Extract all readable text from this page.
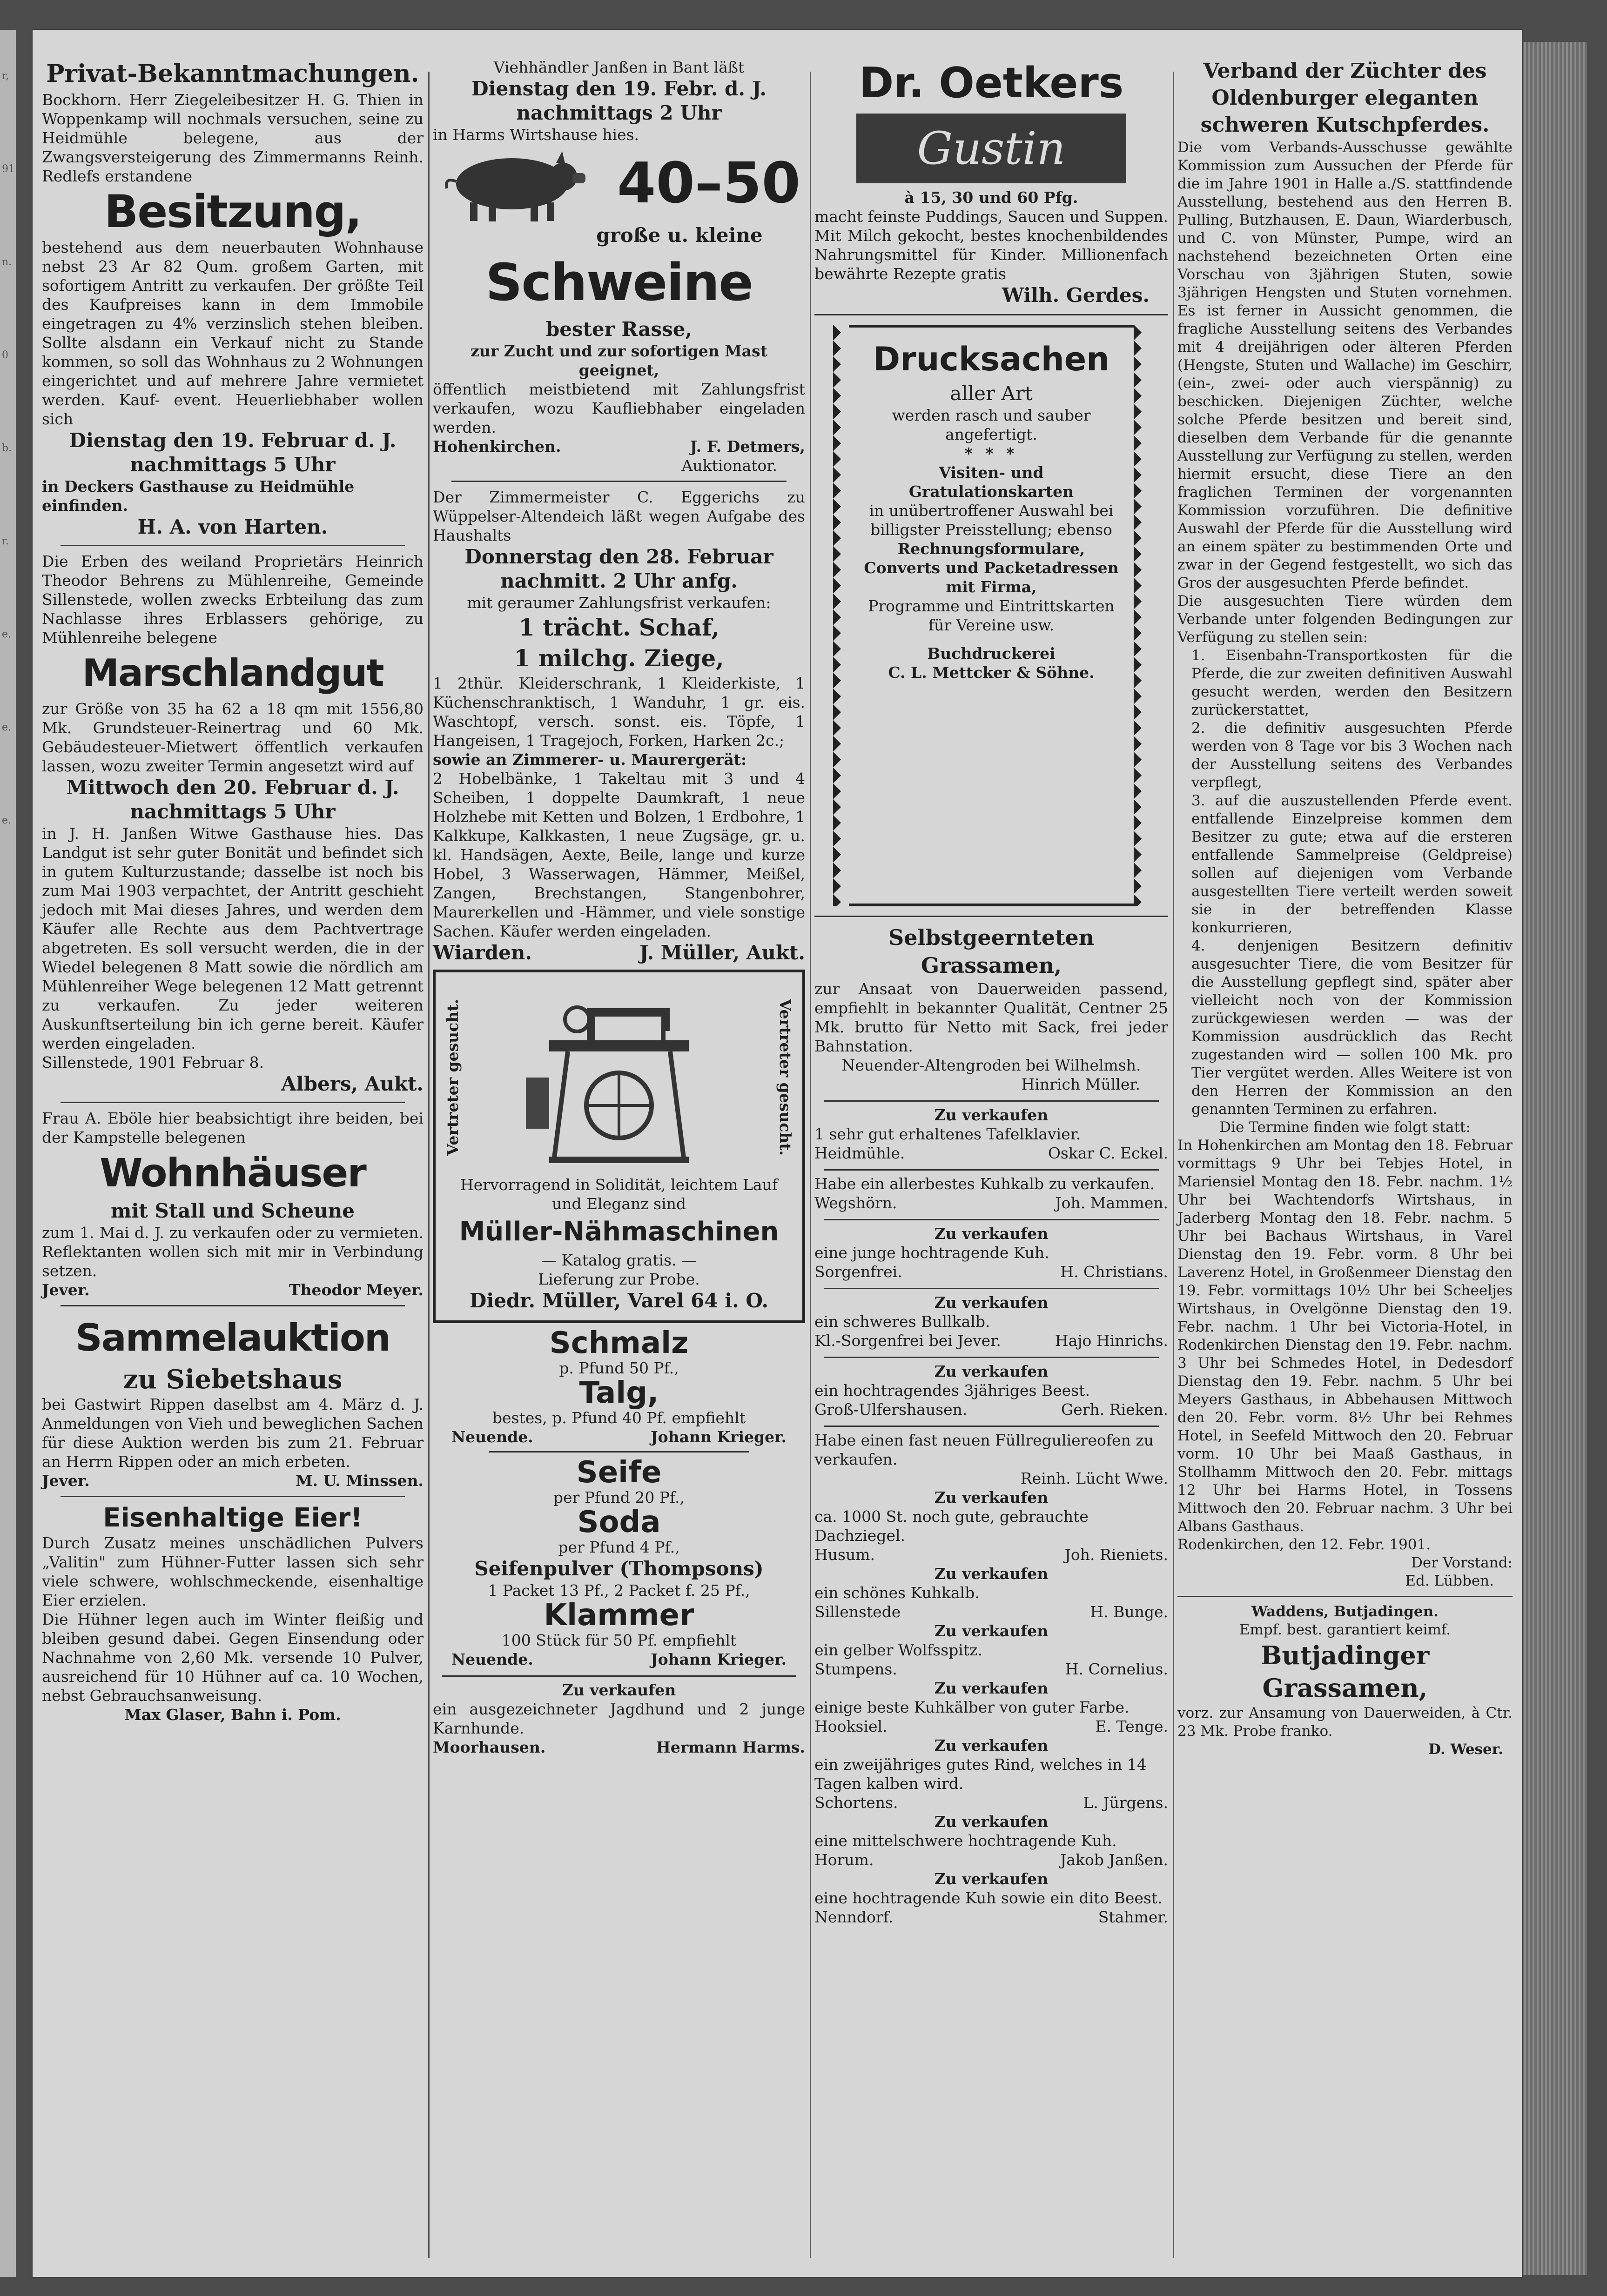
r,
91
n.
0
b.
r.
e.
e.
e.
Privat-Bekanntmachungen.

Bockhorn. Herr Ziegeleibesitzer H. G. Thien in Woppenkamp will nochmals versuchen, seine zu Heidmühle belegene, aus der Zwangsversteigerung des Zimmermanns Reinh. Redlefs erstandene

Besitzung,

bestehend aus dem neuerbauten Wohnhause nebst 23 Ar 82 Qum. großem Garten, mit sofortigem Antritt zu verkaufen. Der größte Teil des Kaufpreises kann in dem Immobile eingetragen zu 4% verzinslich stehen bleiben. Sollte alsdann ein Verkauf nicht zu Stande kommen, so soll das Wohnhaus zu 2 Wohnungen eingerichtet und auf mehrere Jahre vermietet werden. Kauf- event. Heuerliebhaber wollen sich

Dienstag den 19. Februar d. J.
nachmittags 5 Uhr

in Deckers Gasthause zu Heidmühle einfinden.

H. A. von Harten.

Die Erben des weiland Proprietärs Heinrich Theodor Behrens zu Mühlenreihe, Gemeinde Sillenstede, wollen zwecks Erbteilung das zum Nachlasse ihres Erblassers gehörige, zu Mühlenreihe belegene

Marschlandgut

zur Größe von 35 ha 62 a 18 qm mit 1556,80 Mk. Grundsteuer-Reinertrag und 60 Mk. Gebäudesteuer-Mietwert öffentlich verkaufen lassen, wozu zweiter Termin angesetzt wird auf

Mittwoch den 20. Februar d. J.
nachmittags 5 Uhr

in J. H. Janßen Witwe Gasthause hies. Das Landgut ist sehr guter Bonität und befindet sich in gutem Kulturzustande; dasselbe ist noch bis zum Mai 1903 verpachtet, der Antritt geschieht jedoch mit Mai dieses Jahres, und werden dem Käufer alle Rechte aus dem Pachtvertrage abgetreten. Es soll versucht werden, die in der Wiedel belegenen 8 Matt sowie die nördlich am Mühlenreiher Wege belegenen 12 Matt getrennt zu verkaufen. Zu jeder weiteren Auskunftserteilung bin ich gerne bereit. Käufer werden eingeladen.

Sillenstede, 1901 Februar 8.

Albers, Aukt.

Frau A. Eböle hier beabsichtigt ihre beiden, bei der Kampstelle belegenen

Wohnhäuser
mit Stall und Scheune

zum 1. Mai d. J. zu verkaufen oder zu vermieten. Reflektanten wollen sich mit mir in Verbindung setzen.

Jever.	Theodor Meyer.
Sammelauktion
zu Siebetshaus

bei Gastwirt Rippen daselbst am 4. März d. J. Anmeldungen von Vieh und beweglichen Sachen für diese Auktion werden bis zum 21. Februar an Herrn Rippen oder an mich erbeten.

Jever.	M. U. Minssen.
Eisenhaltige Eier!

Durch Zusatz meines unschädlichen Pulvers „Valitin" zum Hühner-Futter lassen sich sehr viele schwere, wohlschmeckende, eisenhaltige Eier erzielen.

Die Hühner legen auch im Winter fleißig und bleiben gesund dabei. Gegen Einsendung oder Nachnahme von 2,60 Mk. versende 10 Pulver, ausreichend für 10 Hühner auf ca. 10 Wochen, nebst Gebrauchsanweisung.

Max Glaser, Bahn i. Pom.
Viehhändler Janßen in Bant läßt
Dienstag den 19. Febr. d. J.
nachmittags 2 Uhr
in Harms Wirtshause hies.
40–50
große u. kleine
Schweine
bester Rasse,
zur Zucht und zur sofortigen Mast geeignet,

öffentlich meistbietend mit Zahlungsfrist verkaufen, wozu Kaufliebhaber eingeladen werden.

Hohenkirchen.	J. F. Detmers,
Auktionator.

Der Zimmermeister C. Eggerichs zu Wüppelser-Altendeich läßt wegen Aufgabe des Haushalts

Donnerstag den 28. Februar
nachmitt. 2 Uhr anfg.
mit geraumer Zahlungsfrist verkaufen:
1 trächt. Schaf,
1 milchg. Ziege,

1 2thür. Kleiderschrank, 1 Kleiderkiste, 1 Küchenschranktisch, 1 Wanduhr, 1 gr. eis. Waschtopf, versch. sonst. eis. Töpfe, 1 Hangeisen, 1 Tragejoch, Forken, Harken 2c.;

sowie an Zimmerer- u. Maurergerät:

2 Hobelbänke, 1 Takeltau mit 3 und 4 Scheiben, 1 doppelte Daumkraft, 1 neue Holzhebe mit Ketten und Bolzen, 1 Erdbohre, 1 Kalkkupe, Kalkkasten, 1 neue Zugsäge, gr. u. kl. Handsägen, Aexte, Beile, lange und kurze Hobel, 3 Wasserwagen, Hämmer, Meißel, Zangen, Brechstangen, Stangenbohrer, Maurerkellen und -Hämmer, und viele sonstige Sachen. Käufer werden eingeladen.

Wiarden.	J. Müller, Aukt.
Vertreter gesucht.	Vertreter gesucht.

Hervorragend in Solidität, leichtem Lauf und Eleganz sind

Müller-Nähmaschinen
— Katalog gratis. —
Lieferung zur Probe.
Diedr. Müller, Varel 64 i. O.
Schmalz
p. Pfund 50 Pf.,
Talg,
bestes, p. Pfund 40 Pf. empfiehlt
Neuende.	Johann Krieger.
Seife
per Pfund 20 Pf.,
Soda
per Pfund 4 Pf.,
Seifenpulver (Thompsons)
1 Packet 13 Pf., 2 Packet f. 25 Pf.,
Klammer
100 Stück für 50 Pf. empfiehlt
Neuende.	Johann Krieger.
Zu verkaufen

ein ausgezeichneter Jagdhund und 2 junge Karnhunde.

Moorhausen.	Hermann Harms.
Dr. Oetkers
Gustin
à 15, 30 und 60 Pfg.

macht feinste Puddings, Saucen und Suppen. Mit Milch gekocht, bestes knochenbildendes Nahrungsmittel für Kinder. Millionenfach bewährte Rezepte gratis

Wilh. Gerdes.
Drucksachen
aller Art

werden rasch und sauber angefertigt.

* * *
Visiten- und Gratulationskarten

in unübertroffener Auswahl bei billigster Preisstellung; ebenso

Rechnungsformulare, Converts und Packetadressen mit Firma,

Programme und Eintrittskarten für Vereine usw.

Buchdruckerei
C. L. Mettcker & Söhne.
Selbstgeernteten Grassamen,

zur Ansaat von Dauerweiden passend, empfiehlt in bekannter Qualität, Centner 25 Mk. brutto für Netto mit Sack, frei jeder Bahnstation.

Neuender-Altengroden bei Wilhelmsh.

Hinrich Müller.
Zu verkaufen

1 sehr gut erhaltenes Tafelklavier.

Heidmühle.	Oskar C. Eckel.

Habe ein allerbestes Kuhkalb zu verkaufen.

Wegshörn.	Joh. Mammen.
Zu verkaufen

eine junge hochtragende Kuh.

Sorgenfrei.	H. Christians.
Zu verkaufen

ein schweres Bullkalb.

Kl.-Sorgenfrei bei Jever.	Hajo Hinrichs.
Zu verkaufen

ein hochtragendes 3jähriges Beest.

Groß-Ulfershausen.	Gerh. Rieken.

Habe einen fast neuen Füllreguliereofen zu verkaufen.

Reinh. Lücht Wwe.
Zu verkaufen

ca. 1000 St. noch gute, gebrauchte Dachziegel.

Husum.	Joh. Rieniets.
Zu verkaufen

ein schönes Kuhkalb.

Sillenstede	H. Bunge.
Zu verkaufen

ein gelber Wolfsspitz.

Stumpens.	H. Cornelius.
Zu verkaufen

einige beste Kuhkälber von guter Farbe.

Hooksiel.	E. Tenge.
Zu verkaufen

ein zweijähriges gutes Rind, welches in 14 Tagen kalben wird.

Schortens.	L. Jürgens.
Zu verkaufen

eine mittelschwere hochtragende Kuh.

Horum.	Jakob Janßen.
Zu verkaufen

eine hochtragende Kuh sowie ein dito Beest.

Nenndorf.	Stahmer.
Verband der Züchter des Oldenburger eleganten schweren Kutschpferdes.

Die vom Verbands-Ausschusse gewählte Kommission zum Aussuchen der Pferde für die im Jahre 1901 in Halle a./S. stattfindende Ausstellung, bestehend aus den Herren B. Pulling, Butzhausen, E. Daun, Wiarderbusch, und C. von Münster, Pumpe, wird an nachstehend bezeichneten Orten eine Vorschau von 3jährigen Stuten, sowie 3jährigen Hengsten und Stuten vornehmen. Es ist ferner in Aussicht genommen, die fragliche Ausstellung seitens des Verbandes mit 4 dreijährigen oder älteren Pferden (Hengste, Stuten und Wallache) im Geschirr, (ein-, zwei- oder auch vierspännig) zu beschicken. Diejenigen Züchter, welche solche Pferde besitzen und bereit sind, dieselben dem Verbande für die genannte Ausstellung zur Verfügung zu stellen, werden hiermit ersucht, diese Tiere an den fraglichen Terminen der vorgenannten Kommission vorzuführen. Die definitive Auswahl der Pferde für die Ausstellung wird an einem später zu bestimmenden Orte und zwar in der Gegend festgestellt, wo sich das Gros der ausgesuchten Pferde befindet.

Die ausgesuchten Tiere würden dem Verbande unter folgenden Bedingungen zur Verfügung zu stellen sein:

1. Eisenbahn-Transportkosten für die Pferde, die zur zweiten definitiven Auswahl gesucht werden, werden den Besitzern zurückerstattet,

2. die definitiv ausgesuchten Pferde werden von 8 Tage vor bis 3 Wochen nach der Ausstellung seitens des Verbandes verpflegt,

3. auf die auszustellenden Pferde event. entfallende Einzelpreise kommen dem Besitzer zu gute; etwa auf die ersteren entfallende Sammelpreise (Geldpreise) sollen auf diejenigen vom Verbande ausgestellten Tiere verteilt werden soweit sie in der betreffenden Klasse konkurrieren,

4. denjenigen Besitzern definitiv ausgesuchter Tiere, die vom Besitzer für die Ausstellung gepflegt sind, später aber vielleicht noch von der Kommission zurückgewiesen werden — was der Kommission ausdrücklich das Recht zugestanden wird — sollen 100 Mk. pro Tier vergütet werden. Alles Weitere ist von den Herren der Kommission an den genannten Terminen zu erfahren.

Die Termine finden wie folgt statt:

In Hohenkirchen am Montag den 18. Februar vormittags 9 Uhr bei Tebjes Hotel, in Mariensiel Montag den 18. Febr. nachm. 1½ Uhr bei Wachtendorfs Wirtshaus, in Jaderberg Montag den 18. Febr. nachm. 5 Uhr bei Bachaus Wirtshaus, in Varel Dienstag den 19. Febr. vorm. 8 Uhr bei Laverenz Hotel, in Großenmeer Dienstag den 19. Febr. vormittags 10½ Uhr bei Scheeljes Wirtshaus, in Ovelgönne Dienstag den 19. Febr. nachm. 1 Uhr bei Victoria-Hotel, in Rodenkirchen Dienstag den 19. Febr. nachm. 3 Uhr bei Schmedes Hotel, in Dedesdorf Dienstag den 19. Febr. nachm. 5 Uhr bei Meyers Gasthaus, in Abbehausen Mittwoch den 20. Febr. vorm. 8½ Uhr bei Rehmes Hotel, in Seefeld Mittwoch den 20. Februar vorm. 10 Uhr bei Maaß Gasthaus, in Stollhamm Mittwoch den 20. Febr. mittags 12 Uhr bei Harms Hotel, in Tossens Mittwoch den 20. Februar nachm. 3 Uhr bei Albans Gasthaus.

Rodenkirchen, den 12. Febr. 1901.

Der Vorstand:
Ed. Lübben.
Waddens, Butjadingen.
Empf. best. garantiert keimf.
Butjadinger Grassamen,

vorz. zur Ansamung von Dauerweiden, à Ctr. 23 Mk. Probe franko.

D. Weser.
